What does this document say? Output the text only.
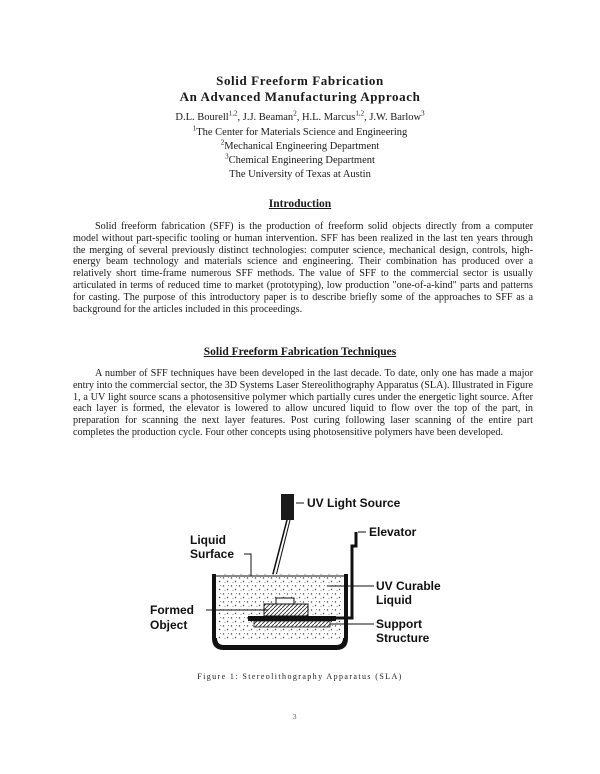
Solid Freeform Fabrication
An Advanced Manufacturing Approach
D.L. Bourell$^{1,2}$, J.J. Beaman$^2$, H.L. Marcus$^{1,2}$, J.W. Barlow$^3$
$^1$The Center for Materials Science and Engineering
$^2$Mechanical Engineering Department
$^3$Chemical Engineering Department
The University of Texas at Austin
Introduction

Solid freeform fabrication (SFF) is the production of freeform solid objects directly from a computer model without part-specific tooling or human intervention. SFF has been realized in the last ten years through the merging of several previously distinct technologies: computer science, mechanical design, controls, high-energy beam technology and materials science and engineering. Their combination has produced over a relatively short time-frame numerous SFF methods. The value of SFF to the commercial sector is usually articulated in terms of reduced time to market (prototyping), low production "one-of-a-kind" parts and patterns for casting. The purpose of this introductory paper is to describe briefly some of the approaches to SFF as a background for the articles included in this proceedings.

Solid Freeform Fabrication Techniques

A number of SFF techniques have been developed in the last decade. To date, only one has made a major entry into the commercial sector, the 3D Systems Laser Stereolithography Apparatus (SLA). Illustrated in Figure 1, a UV light source scans a photosensitive polymer which partially cures under the energetic light source. After each layer is formed, the elevator is lowered to allow uncured liquid to flow over the top of the part, in preparation for scanning the next layer features. Post curing following laser scanning of the entire part completes the production cycle. Four other concepts using photosensitive polymers have been developed.

UV Light Source
Elevator
Liquid
Surface
Formed
Object
UV Curable
Liquid
Support
Structure
Figure 1: Stereolithography Apparatus (SLA)
3
